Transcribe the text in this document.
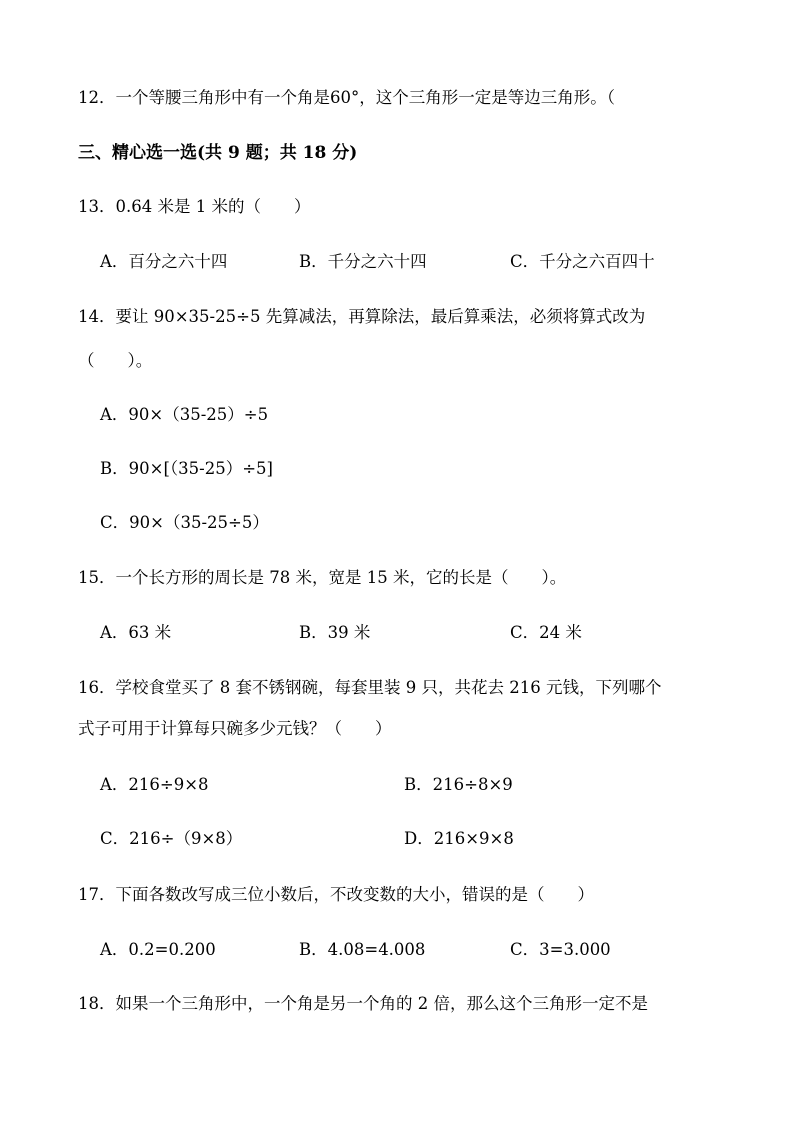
12．一个等腰三角形中有一个角是60°，这个三角形一定是等边三角形。（
三、精心选一选(共 9 题；共 18 分)
13．0.64 米是 1 米的（　　）
A．百分之六十四	B．千分之六十四	C．千分之六百四十
14．要让 90×35-25÷5 先算减法，再算除法，最后算乘法，必须将算式改为
（　　）。
A．90×（35-25）÷5
B．90×[（35-25）÷5]
C．90×（35-25÷5）
15．一个长方形的周长是 78 米，宽是 15 米，它的长是（　　）。
A．63 米	B．39 米	C．24 米
16．学校食堂买了 8 套不锈钢碗，每套里装 9 只，共花去 216 元钱，下列哪个
式子可用于计算每只碗多少元钱？（　　）
A．216÷9×8	B．216÷8×9
C．216÷（9×8）	D．216×9×8
17．下面各数改写成三位小数后，不改变数的大小，错误的是（　　）
A．0.2=0.200	B．4.08=4.008	C．3=3.000
18．如果一个三角形中，一个角是另一个角的 2 倍，那么这个三角形一定不是
